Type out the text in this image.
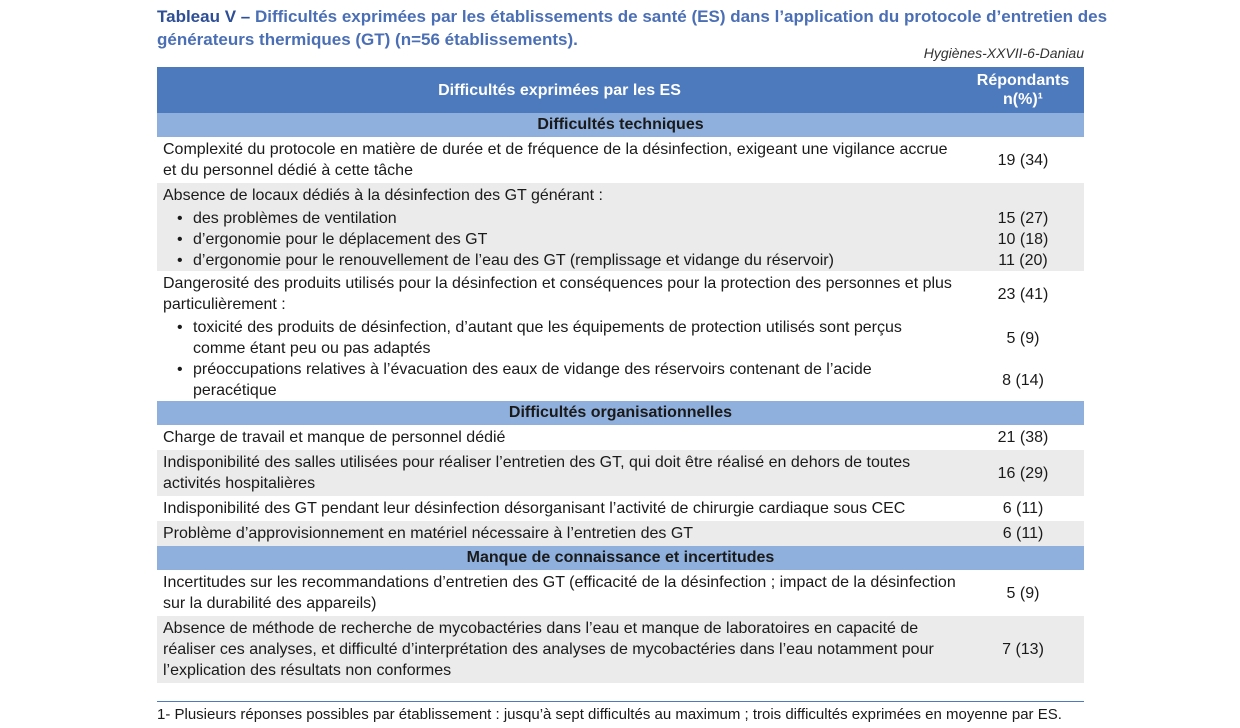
Tableau V – Difficultés exprimées par les établissements de santé (ES) dans l’application du protocole d’entretien des générateurs thermiques (GT) (n=56 établissements).
Hygiènes-XXVII-6-Daniau
Difficultés exprimées par les ES	Répondants
n(%)¹
Difficultés techniques	
Complexité du protocole en matière de durée et de fréquence de la désinfection, exigeant une vigilance accrue et du personnel dédié à cette tâche	19 (34)
Absence de locaux dédiés à la désinfection des GT générant :	

• des problèmes de ventilation	15 (27)

• d’ergonomie pour le déplacement des GT	10 (18)

• d’ergonomie pour le renouvellement de l’eau des GT (remplissage et vidange du réservoir)	11 (20)
Dangerosité des produits utilisés pour la désinfection et conséquences pour la protection des personnes et plus particulièrement :	23 (41)

• toxicité des produits de désinfection, d’autant que les équipements de protection utilisés sont perçus comme étant peu ou pas adaptés	5 (9)

• préoccupations relatives à l’évacuation des eaux de vidange des réservoirs contenant de l’acide peracétique	8 (14)
Difficultés organisationnelles	
Charge de travail et manque de personnel dédié	21 (38)
Indisponibilité des salles utilisées pour réaliser l’entretien des GT, qui doit être réalisé en dehors de toutes activités hospitalières	16 (29)
Indisponibilité des GT pendant leur désinfection désorganisant l’activité de chirurgie cardiaque sous CEC	6 (11)
Problème d’approvisionnement en matériel nécessaire à l’entretien des GT	6 (11)
Manque de connaissance et incertitudes	
Incertitudes sur les recommandations d’entretien des GT (efficacité de la désinfection ; impact de la désinfection sur la durabilité des appareils)	5 (9)
Absence de méthode de recherche de mycobactéries dans l’eau et manque de laboratoires en capacité de réaliser ces analyses, et difficulté d’interprétation des analyses de mycobactéries dans l’eau notamment pour l’explication des résultats non conformes	7 (13)
1- Plusieurs réponses possibles par établissement : jusqu’à sept difficultés au maximum ; trois difficultés exprimées en moyenne par ES.
